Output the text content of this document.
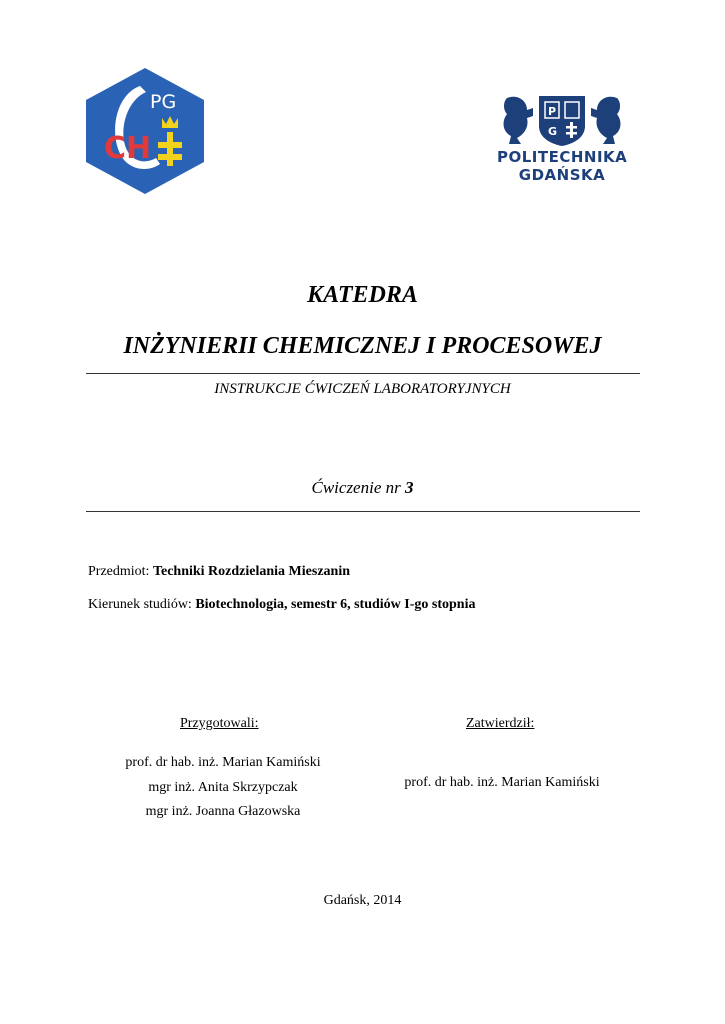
PG
CH
P
G
POLITECHNIKA
GDAŃSKA
KATEDRA
INŻYNIERII CHEMICZNEJ I PROCESOWEJ
INSTRUKCJE ĆWICZEŃ LABORATORYJNYCH
Ćwiczenie nr 3
Przedmiot: Techniki Rozdzielania Mieszanin
Kierunek studiów: Biotechnologia, semestr 6, studiów I-go stopnia
Przygotowali:	Zatwierdził:
prof. dr hab. inż. Marian Kamiński
mgr inż. Anita Skrzypczak
mgr inż. Joanna Głazowska
prof. dr hab. inż. Marian Kamiński
Gdańsk, 2014
